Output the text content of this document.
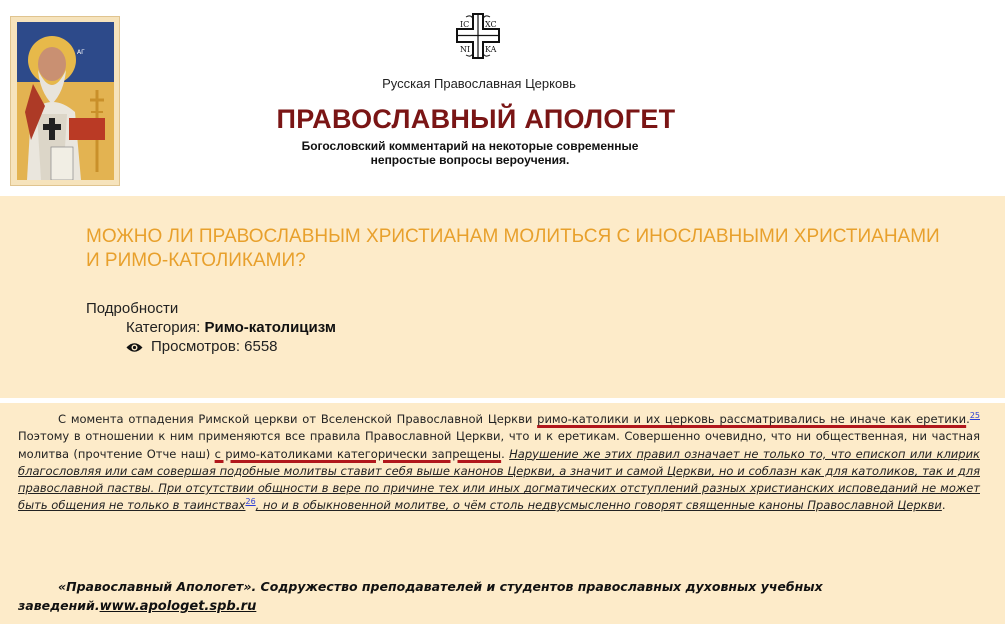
ΑΓ
IC XC
NI KA
Русская Православная Церковь
ПРАВОСЛАВНЫЙ АПОЛОГЕТ
Богословский комментарий на некоторые современные
непростые вопросы вероучения.
МОЖНО ЛИ ПРАВОСЛАВНЫМ ХРИСТИАНАМ МОЛИТЬСЯ С ИНОСЛАВНЫМИ ХРИСТИАНАМИ И РИМО-КАТОЛИКАМИ?
Подробности
Категория: Римо-католицизм
Просмотров: 6558
С момента отпадения Римской церкви от Вселенской Православной Церкви римо-католики и их церковь рассматривались не иначе как еретики.$^{25}$ Поэтому в отношении к ним применяются все правила Православной Церкви, что и к еретикам. Совершенно очевидно, что ни общественная, ни частная молитва (прочтение Отче наш) с римо-католиками категорически запрещены. Нарушение же этих правил означает не только то, что епископ или клирик благословляя или сам совершая подобные молитвы ставит себя выше канонов Церкви, а значит и самой Церкви, но и соблазн как для католиков, так и для православной паствы. При отсутствии общности в вере по причине тех или иных догматических отступлений разных христианских исповеданий не может быть общения не только в таинствах$^{26}$, но и в обыкновенной молитве, о чём столь недвусмысленно говорят священные каноны Православной Церкви.
«Православный Апологет». Содружество преподавателей и студентов православных духовных учебных заведений.www.apologet.spb.ru
